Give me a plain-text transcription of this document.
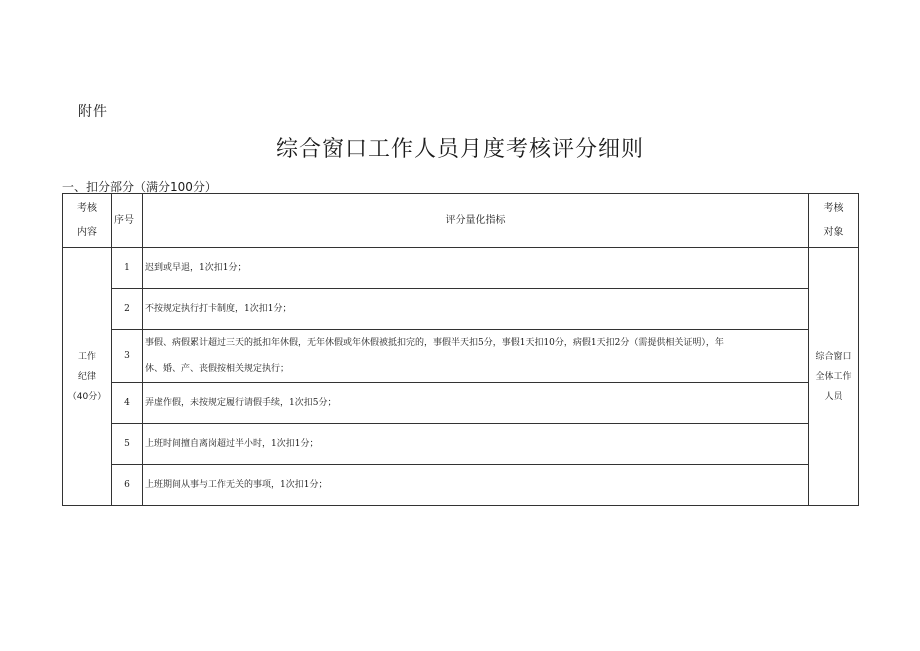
附件
综合窗口工作人员月度考核评分细则
一、扣分部分（满分100分）
考核
内容	序号	评分量化指标	考核
对象

工作
纪律
（40分）	1	迟到或早退，1次扣1分；	综合窗口
全体工作
人员

	2	不按规定执行打卡制度，1次扣1分；	
	3	事假、病假累计超过三天的抵扣年休假，无年休假或年休假被抵扣完的，事假半天扣5分，事假1天扣10分，病假1天扣2分（需提供相关证明），年
休、婚、产、丧假按相关规定执行；	

	4	弄虚作假，未按规定履行请假手续，1次扣5分；	
	5	上班时间擅自离岗超过半小时，1次扣1分；	
	6	上班期间从事与工作无关的事项，1次扣1分；	
